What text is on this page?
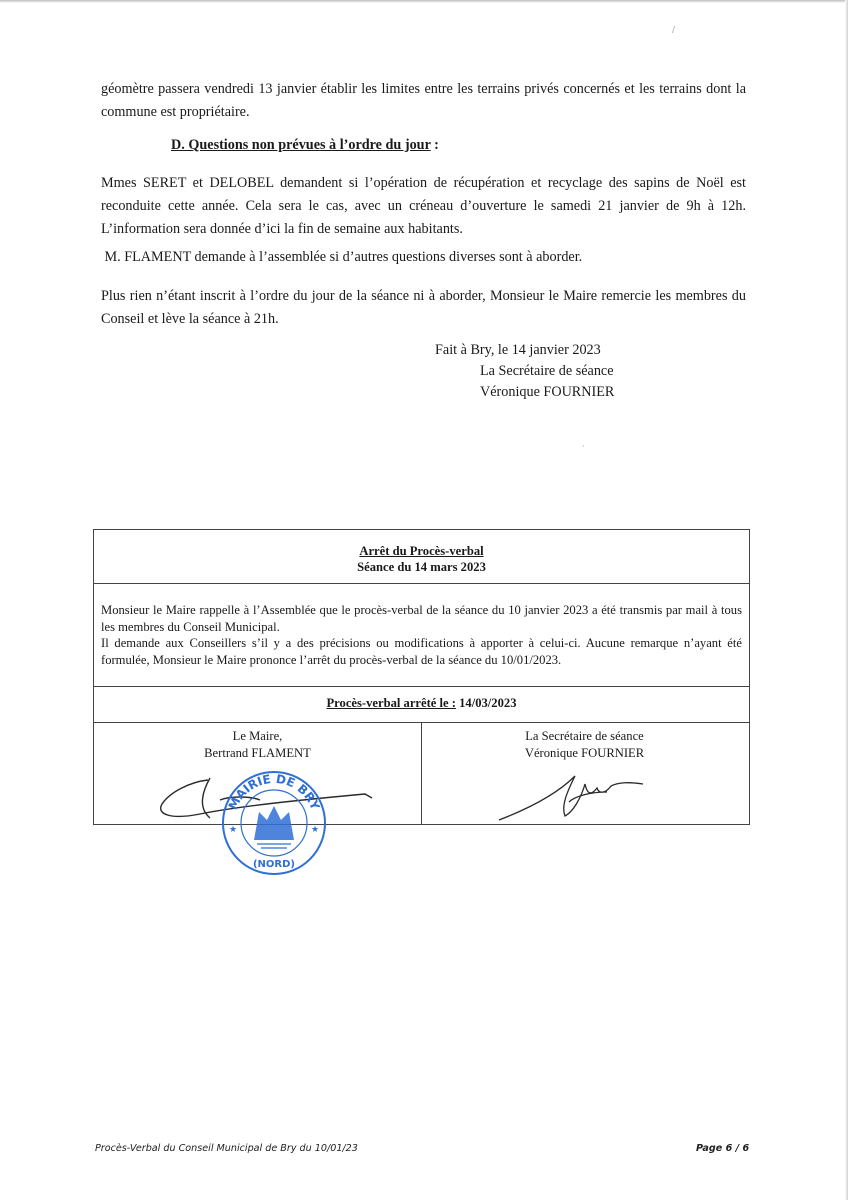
/

géomètre passera vendredi 13 janvier établir les limites entre les terrains privés concernés et les terrains dont la commune est propriétaire.

D. Questions non prévues à l’ordre du jour :

Mmes SERET et DELOBEL demandent si l’opération de récupération et recyclage des sapins de Noël est reconduite cette année. Cela sera le cas, avec un créneau d’ouverture le samedi 21 janvier de 9h à 12h. L’information sera donnée d’ici la fin de semaine aux habitants.

M. FLAMENT demande à l’assemblée si d’autres questions diverses sont à aborder.

Plus rien n’étant inscrit à l’ordre du jour de la séance ni à aborder, Monsieur le Maire remercie les membres du Conseil et lève la séance à 21h.

Fait à Bry, le 14 janvier 2023
La Secrétaire de séance
Véronique FOURNIER
·
Arrêt du Procès-verbal
Séance du 14 mars 2023
Monsieur le Maire rappelle à l’Assemblée que le procès-verbal de la séance du 10 janvier 2023 a été transmis par mail à tous les membres du Conseil Municipal.
Il demande aux Conseillers s’il y a des précisions ou modifications à apporter à celui-ci. Aucune remarque n’ayant été formulée, Monsieur le Maire prononce l’arrêt du procès-verbal de la séance du 10/01/2023.
Procès-verbal arrêté le : 14/03/2023
Le Maire,
Bertrand FLAMENT
La Secrétaire de séance
Véronique FOURNIER
MAIRIE DE BRY
(NORD)
★	★
Procès-Verbal du Conseil Municipal de Bry du 10/01/23	Page 6 / 6
